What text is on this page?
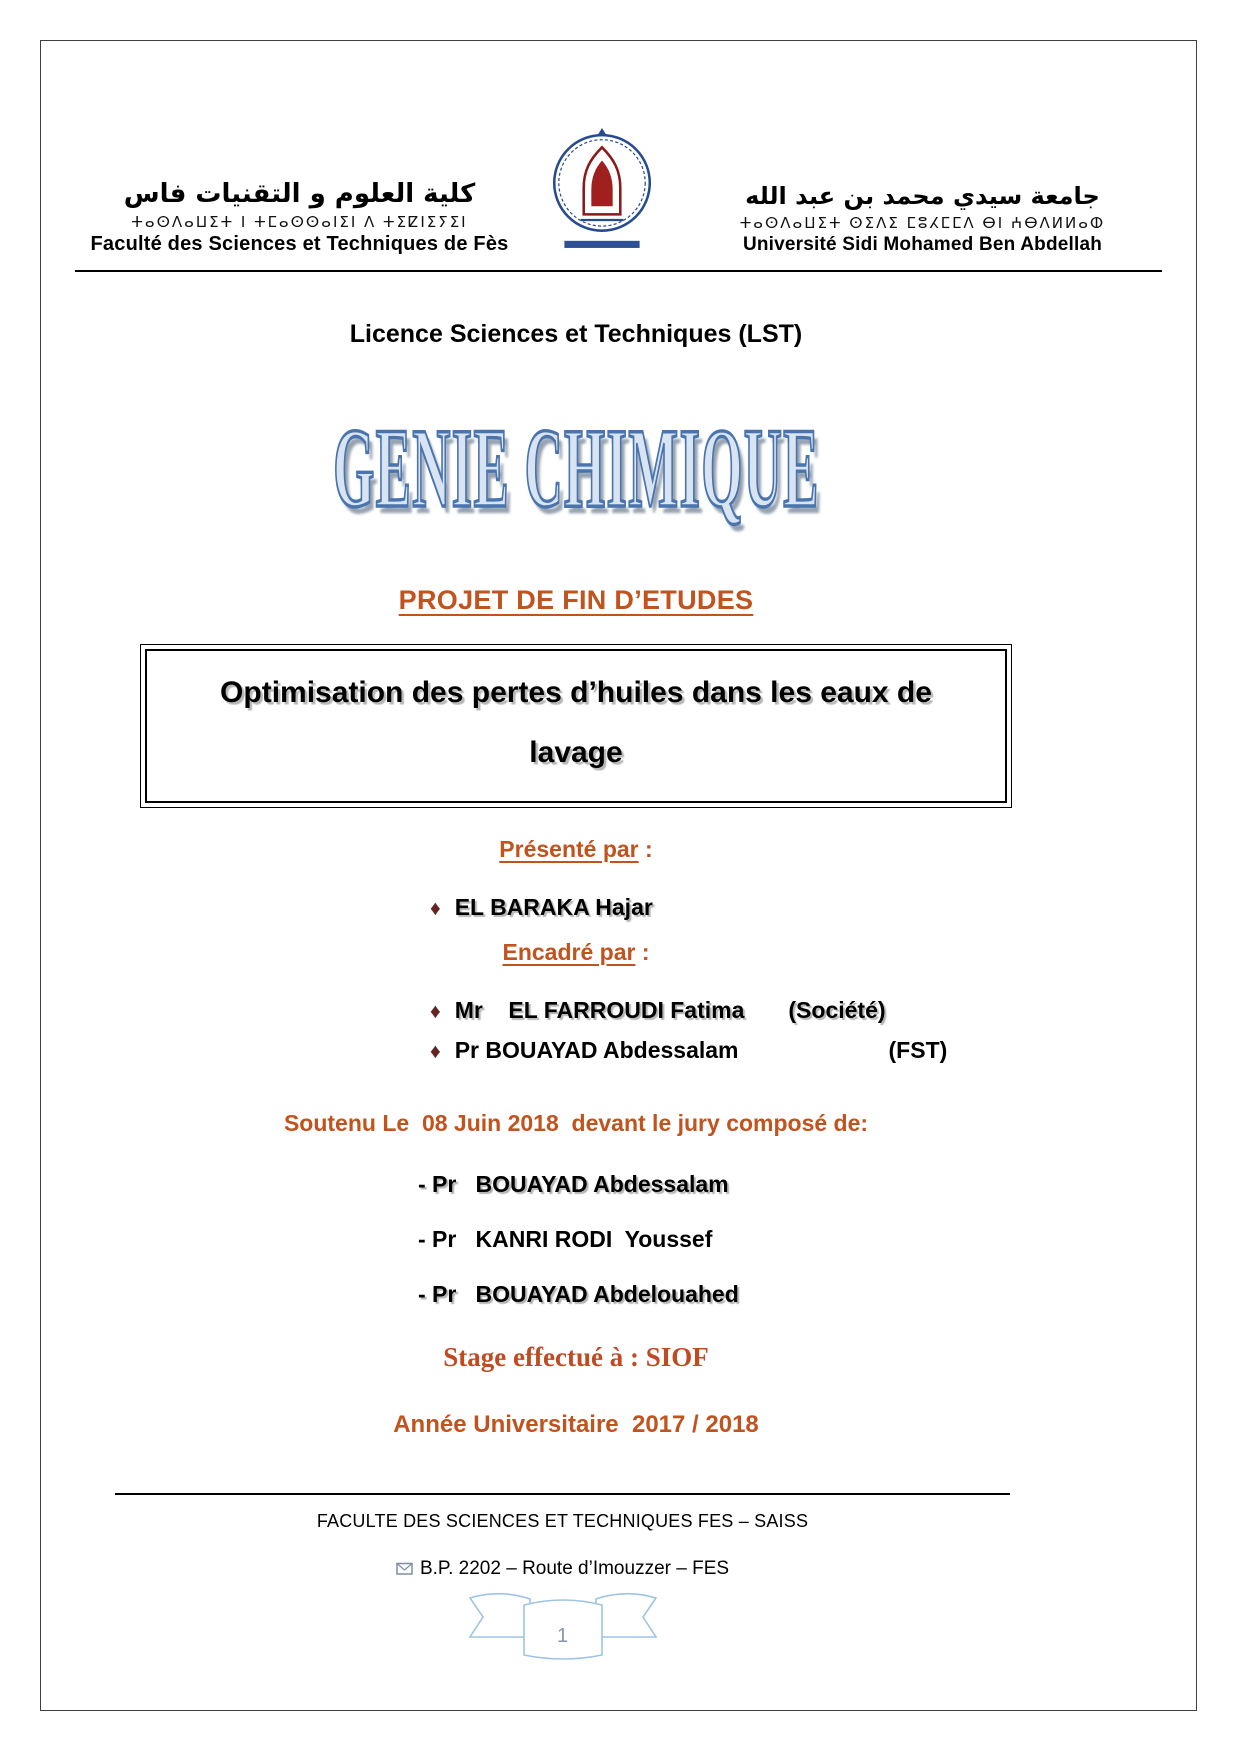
كلية العلوم و التقنيات فاس
ⵜⴰⵙⴷⴰⵡⵉⵜ ⵏ ⵜⵎⴰⵙⵙⴰⵏⵉⵏ ⴷ ⵜⵉⵇⵏⵉⵢⵉⵏ
Faculté des Sciences et Techniques de Fès
جامعة سيدي محمد بن عبد الله
ⵜⴰⵙⴷⴰⵡⵉⵜ ⵙⵉⴷⵉ ⵎⵓⵃⵎⵎⴷ ⴱⵏ ⵄⴱⴷⵍⵍⴰⵀ
Université Sidi Mohamed Ben Abdellah
Licence Sciences et Techniques (LST)
GENIE CHIMIQUE
PROJET DE FIN D’ETUDES
Optimisation des pertes d’huiles dans les eaux de
lavage
Présenté par :
♦ EL BARAKA Hajar
Encadré par :
♦ Mr    EL FARROUDI Fatima (Société)
♦ Pr BOUAYAD Abdessalam	(FST)
Soutenu Le  08 Juin 2018  devant le jury composé de:
- Pr   BOUAYAD Abdessalam
- Pr   KANRI RODI  Youssef
- Pr   BOUAYAD Abdelouahed
Stage effectué à : SIOF
Année Universitaire  2017 / 2018
FACULTE DES SCIENCES ET TECHNIQUES FES – SAISS
B.P. 2202 – Route d’Imouzzer – FES
1
